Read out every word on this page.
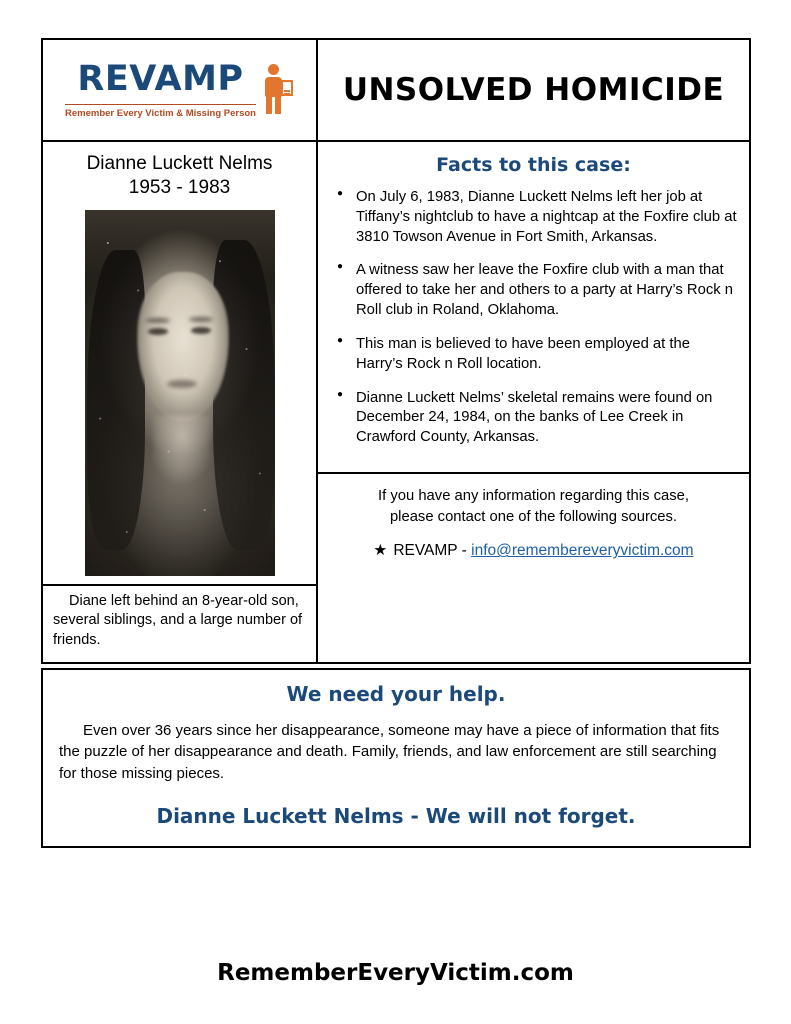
REVAMP
Remember Every Victim & Missing Person
UNSOLVED HOMICIDE
Dianne Luckett Nelms
1953 - 1983
Diane left behind an 8-year-old son, several siblings, and a large number of friends.
Facts to this case:
● On July 6, 1983, Dianne Luckett Nelms left her job at Tiffany’s nightclub to have a nightcap at the Foxfire club at 3810 Towson Avenue in Fort Smith, Arkansas.
● A witness saw her leave the Foxfire club with a man that offered to take her and others to a party at Harry’s Rock n Roll club in Roland, Oklahoma.
● This man is believed to have been employed at the Harry’s Rock n Roll location.
● Dianne Luckett Nelms’ skeletal remains were found on December 24, 1984, on the banks of Lee Creek in Crawford County, Arkansas.
If you have any information regarding this case,
please contact one of the following sources.
★ REVAMP - info@remembereveryvictim.com
We need your help.
Even over 36 years since her disappearance, someone may have a piece of information that fits the puzzle of her disappearance and death. Family, friends, and law enforcement are still searching for those missing pieces.
Dianne Luckett Nelms - We will not forget.
RememberEveryVictim.com
